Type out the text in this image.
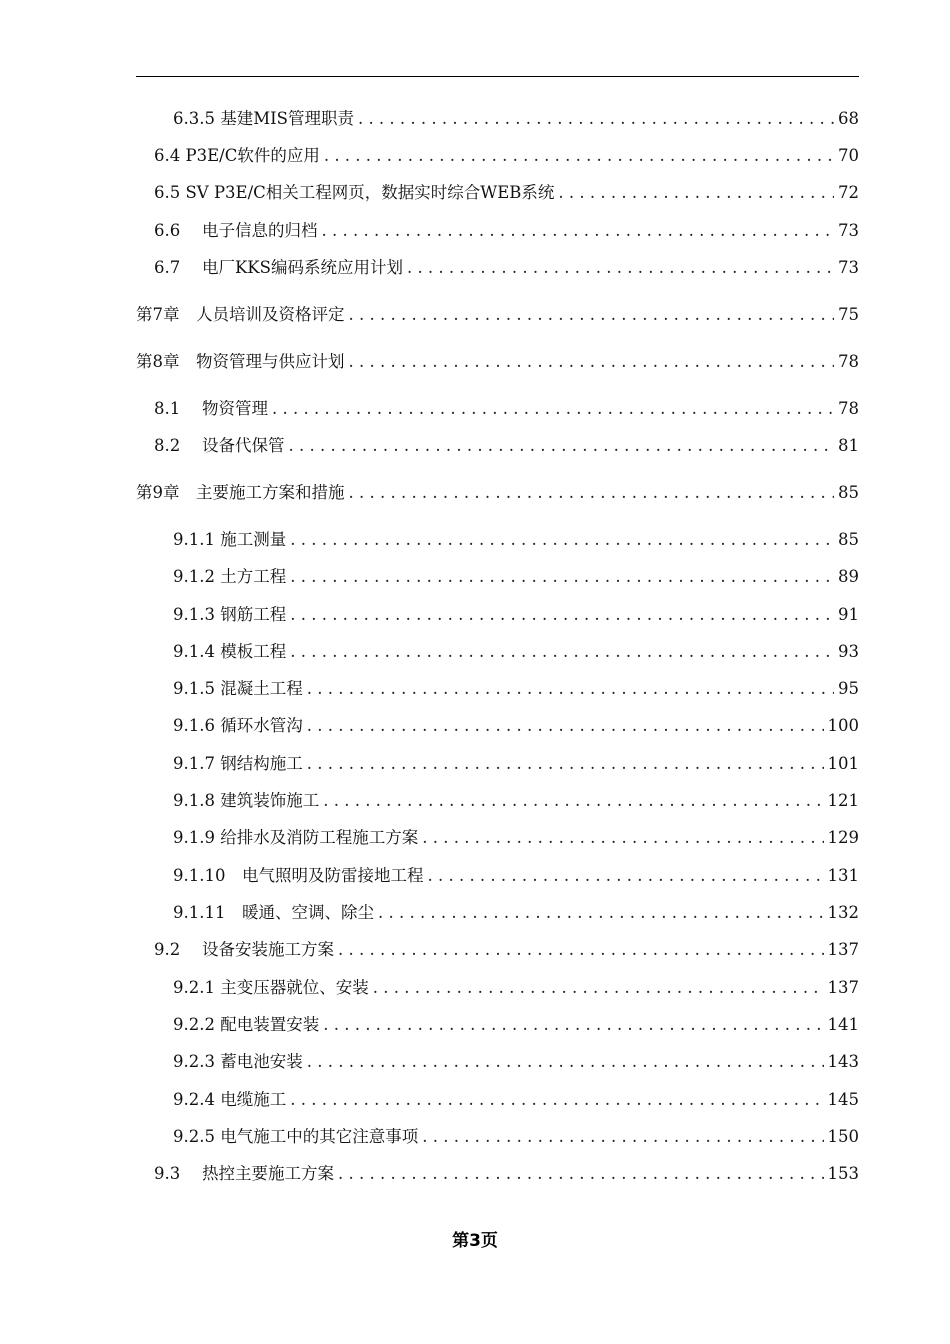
6.3.5 基建MIS管理职责 . . .	68
6.4 P3E/C软件的应用 . . .	70
6.5 SV P3E/C相关工程网页，数据实时综合WEB系统 . . .	72
6.6　 电子信息的归档 . . .	73
6.7　 电厂KKS编码系统应用计划 . . .	73
第7章　人员培训及资格评定 . . .	75
第8章　物资管理与供应计划 . . .	78
8.1　 物资管理 . . .	78
8.2　 设备代保管 . . .	81
第9章　主要施工方案和措施 . . .	85
9.1.1 施工测量 . . .	85
9.1.2 土方工程 . . .	89
9.1.3 钢筋工程 . . .	91
9.1.4 模板工程 . . .	93
9.1.5 混凝土工程 . . .	95
9.1.6 循环水管沟 . . .	100
9.1.7 钢结构施工 . . .	101
9.1.8 建筑装饰施工 . . .	121
9.1.9 给排水及消防工程施工方案 . . .	129
9.1.10　电气照明及防雷接地工程 . . .	131
9.1.11　暖通、空调、除尘 . . .	132
9.2　 设备安装施工方案 . . .	137
9.2.1 主变压器就位、安装 . . .	137
9.2.2 配电装置安装 . . .	141
9.2.3 蓄电池安装 . . .	143
9.2.4 电缆施工 . . .	145
9.2.5 电气施工中的其它注意事项 . . .	150
9.3　 热控主要施工方案 . . .	153
第3页
